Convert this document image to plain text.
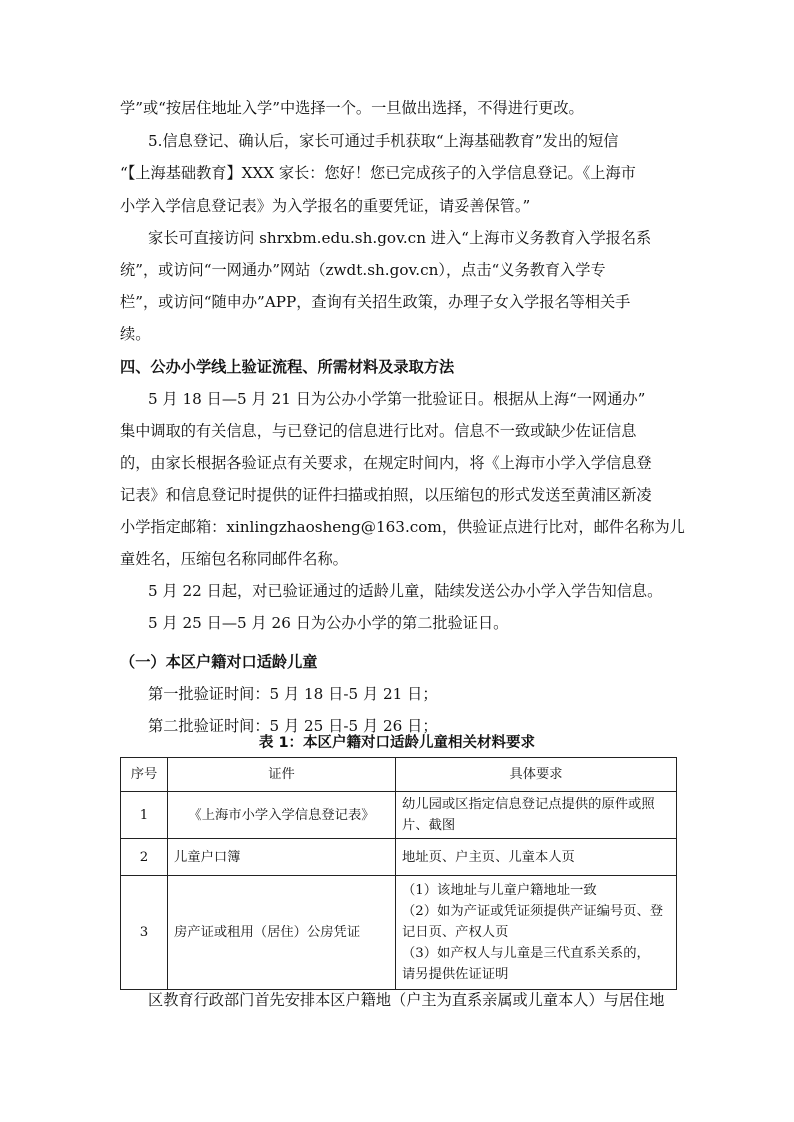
学”或“按居住地址入学”中选择一个。一旦做出选择，不得进行更改。
5.信息登记、确认后，家长可通过手机获取“上海基础教育”发出的短信
“【上海基础教育】XXX 家长：您好！您已完成孩子的入学信息登记。《上海市
小学入学信息登记表》为入学报名的重要凭证，请妥善保管。”
家长可直接访问 shrxbm.edu.sh.gov.cn 进入“上海市义务教育入学报名系
统”，或访问“一网通办”网站（zwdt.sh.gov.cn），点击“义务教育入学专
栏”，或访问“随申办”APP，查询有关招生政策，办理子女入学报名等相关手
续。
四、公办小学线上验证流程、所需材料及录取方法
5 月 18 日—5 月 21 日为公办小学第一批验证日。根据从上海“一网通办”
集中调取的有关信息，与已登记的信息进行比对。信息不一致或缺少佐证信息
的，由家长根据各验证点有关要求，在规定时间内，将《上海市小学入学信息登
记表》和信息登记时提供的证件扫描或拍照，以压缩包的形式发送至黄浦区新凌
小学指定邮箱：xinlingzhaosheng@163.com，供验证点进行比对，邮件名称为儿
童姓名，压缩包名称同邮件名称。
5 月 22 日起，对已验证通过的适龄儿童，陆续发送公办小学入学告知信息。
5 月 25 日—5 月 26 日为公办小学的第二批验证日。
（一）本区户籍对口适龄儿童
第一批验证时间：5 月 18 日-5 月 21 日；
第二批验证时间：5 月 25 日-5 月 26 日；
表 1：本区户籍对口适龄儿童相关材料要求
序号	证件	具体要求
1	《上海市小学入学信息登记表》	幼儿园或区指定信息登记点提供的原件或照
片、截图

2	儿童户口簿	地址页、户主页、儿童本人页

3	房产证或租用（居住）公房凭证	（1）该地址与儿童户籍地址一致
（2）如为产证或凭证须提供产证编号页、登
记日页、产权人页
（3）如产权人与儿童是三代直系关系的，
请另提供佐证证明
区教育行政部门首先安排本区户籍地（户主为直系亲属或儿童本人）与居住地
